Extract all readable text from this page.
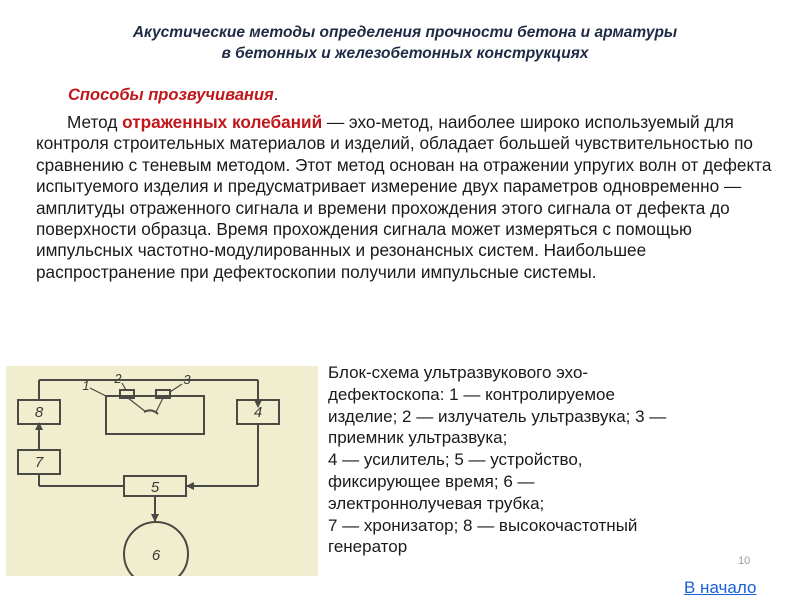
Акустические методы определения прочности бетона и арматуры
в бетонных и железобетонных конструкциях
Способы прозвучивания.
Метод отраженных колебаний — эхо-метод, наиболее широко используемый для контроля строительных материалов и изделий, обладает большей чувствительностью по сравнению с теневым методом. Этот метод основан на отражении упругих волн от дефекта испытуемого изделия и предусматривает измерение двух параметров одновременно — амплитуды отраженного сигнала и времени прохождения этого сигнала от дефекта до поверхности образца. Время прохождения сигнала может измеряться с помощью импульсных частотно-модулированных и резонансных систем. Наибольшее распространение при дефектоскопии получили импульсные системы.
8
7
4
5
6
1 2	3	Блок-схема ультразвукового эхо-
дефектоскопа: 1 — контролируемое
изделие; 2 — излучатель ультразвука; 3 —
приемник ультразвука;
4 — усилитель; 5 — устройство,
фиксирующее время; 6 —
электроннолучевая трубка;
7 — хронизатор; 8 — высокочастотный
генератор
10
В начало
